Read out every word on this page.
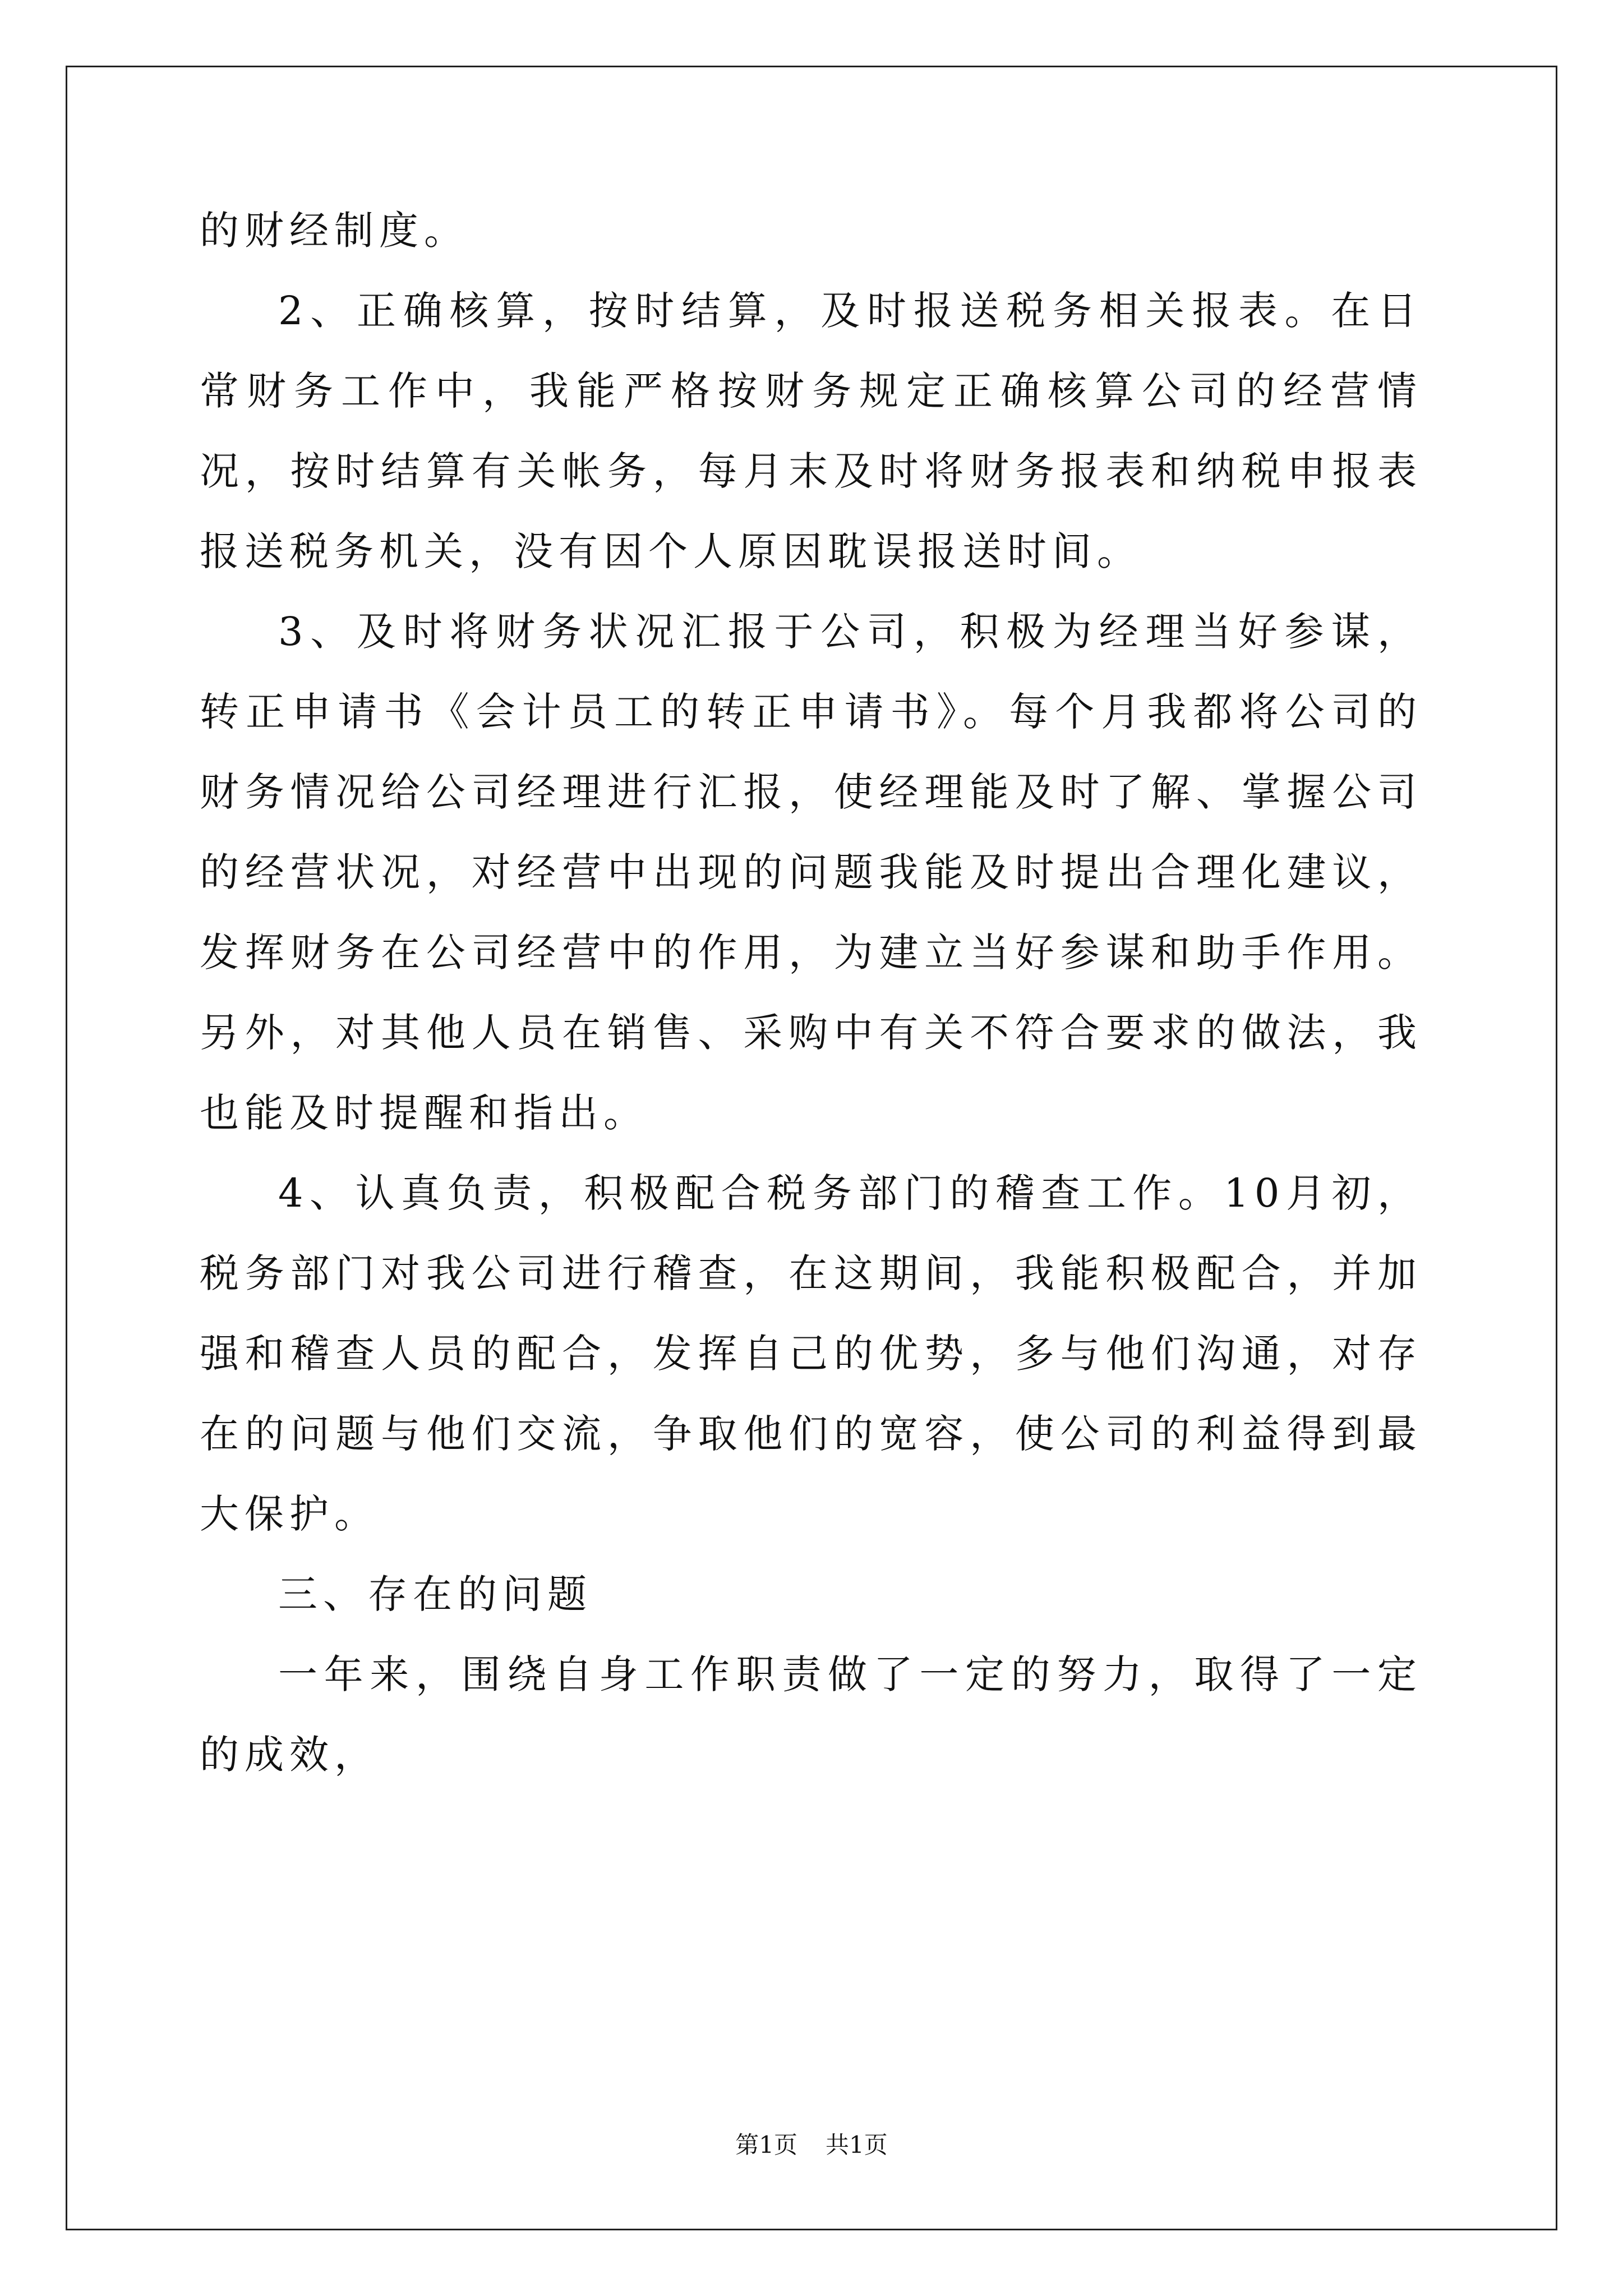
的财经制度。

2、正确核算，按时结算，及时报送税务相关报表。在日常财务工作中，我能严格按财务规定正确核算公司的经营情况，按时结算有关帐务，每月末及时将财务报表和纳税申报表报送税务机关，没有因个人原因耽误报送时间。

3、及时将财务状况汇报于公司，积极为经理当好参谋，转正申请书《会计员工的转正申请书》。每个月我都将公司的财务情况给公司经理进行汇报，使经理能及时了解、掌握公司的经营状况，对经营中出现的问题我能及时提出合理化建议，发挥财务在公司经营中的作用，为建立当好参谋和助手作用。另外，对其他人员在销售、采购中有关不符合要求的做法，我也能及时提醒和指出。

4、认真负责，积极配合税务部门的稽查工作。10月初，税务部门对我公司进行稽查，在这期间，我能积极配合，并加强和稽查人员的配合，发挥自己的优势，多与他们沟通，对存在的问题与他们交流，争取他们的宽容，使公司的利益得到最大保护。

三、存在的问题

一年来，围绕自身工作职责做了一定的努力，取得了一定的成效，

第1页 共1页
